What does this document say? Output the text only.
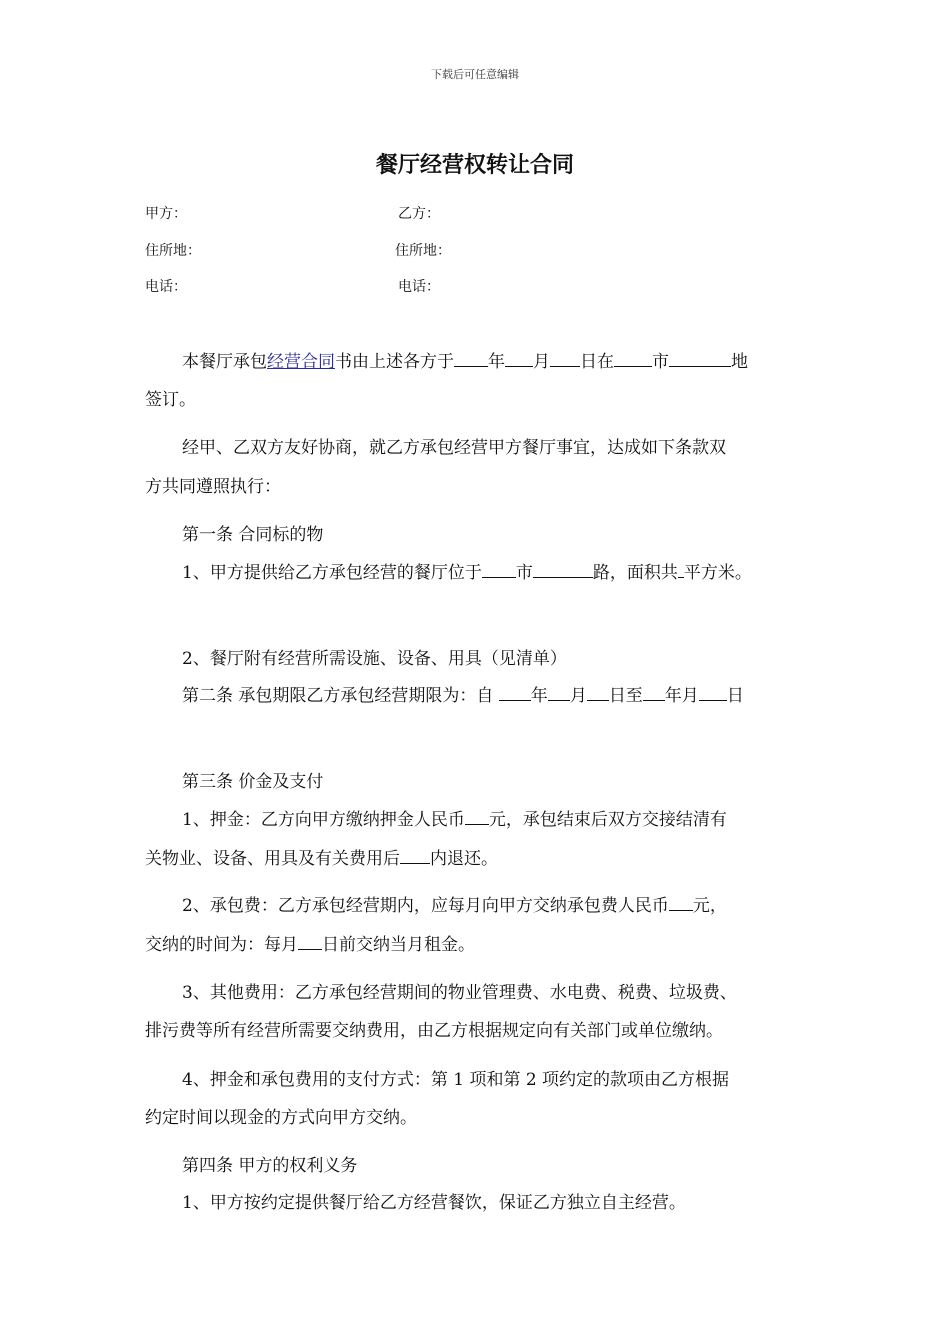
下载后可任意编辑
餐厅经营权转让合同
甲方：	乙方：
住所地：	住所地：
电话：	电话：
本餐厅承包经营合同书由上述各方于 年 月 日在 市	地
签订。
经甲、乙双方友好协商，就乙方承包经营甲方餐厅事宜，达成如下条款双
方共同遵照执行：
第一条 合同标的物
1、甲方提供给乙方承包经营的餐厅位于 市	路，面积共 平方米。
2、餐厅附有经营所需设施、设备、用具（见清单）
第二条 承包期限乙方承包经营期限为：自 年 月 日至 年月 日
第三条 价金及支付
1、押金：乙方向甲方缴纳押金人民币 元，承包结束后双方交接结清有
关物业、设备、用具及有关费用后 内退还。
2、承包费：乙方承包经营期内，应每月向甲方交纳承包费人民币 元，
交纳的时间为：每月 日前交纳当月租金。
3、其他费用：乙方承包经营期间的物业管理费、水电费、税费、垃圾费、
排污费等所有经营所需要交纳费用，由乙方根据规定向有关部门或单位缴纳。
4、押金和承包费用的支付方式：第 1 项和第 2 项约定的款项由乙方根据
约定时间以现金的方式向甲方交纳。
第四条 甲方的权利义务
1、甲方按约定提供餐厅给乙方经营餐饮，保证乙方独立自主经营。
